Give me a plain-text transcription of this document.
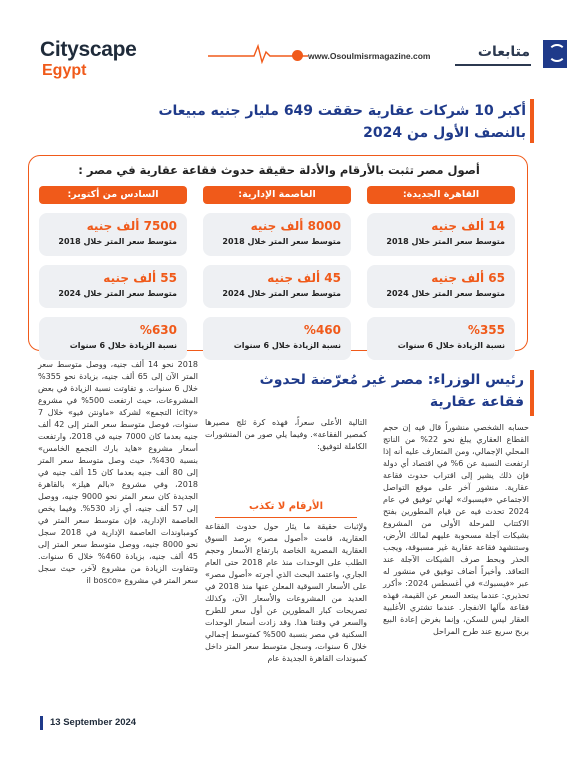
Cityscape
Egypt
www.Osoulmisrmagazine.com	متابعات
أكبر 10 شركات عقارية حققت 649 مليار جنيه مبيعات بالنصف الأول من 2024
أصول مصر تثبت بالأرقام والأدلة حقيقة حدوث فقاعة عقارية في مصر :
القاهرة الجديدة:
14 ألف جنيه
متوسط سعر المتر خلال 2018
65 ألف جنيه
متوسط سعر المتر خلال 2024
%355
نسبة الزيادة خلال 6 سنوات
العاصمة الإدارية:
8000 ألف جنيه
متوسط سعر المتر خلال 2018
45 ألف جنيه
متوسط سعر المتر خلال 2024
%460
نسبة الزيادة خلال 6 سنوات
السادس من أكتوبر:
7500 ألف جنيه
متوسط سعر المتر خلال 2018
55 ألف جنيه
متوسط سعر المتر خلال 2024
%630
نسبة الزيادة خلال 6 سنوات
رئيس الوزراء: مصر غير مُعرّضة لحدوث فقاعة عقارية

حسابه الشخصي منشوراً قال فيه إن حجم القطاع العقاري يبلغ نحو 22% من الناتج المحلي الإجمالي، ومن المتعارف عليه أنه إذا ارتفعت النسبة عن 6% في اقتصاد أي دولة فإن ذلك يشير إلى اقتراب حدوث فقاعة عقارية. منشور آخر على موقع التواصل الاجتماعي «فيسبوك» لهاني توفيق في عام 2024 تحدث فيه عن قيام المطورين بفتح الاكتتاب للمرحلة الأولى من المشروع بشيكات آجلة مسحوبة عليهم لمالك الأرض، وستنشهد فقاعة عقارية غير مسبوقة، ويجب الحذر وبحط صرف الشيكات الآجلة عند التعاقد. وأخيراً أضاف توفيق في منشور له عبر «فيسبوك» في أغسطس 2024: «أكرر تحذيري: عندما يبتعد السعر عن القيمة، فهذه فقاعة مآلها الانفجار. عندما تشتري الأغلبية العقار ليس للسكن، وإنما بغرض إعادة البيع بربح سريع عند طرح المراحل

التالية الأعلى سعراً، فهذه كرة ثلج مصيرها كمصير الفقاعة». وفيما يلي صور من المنشورات الكاملة لتوفيق:

الأرقام لا تكذب

ولإثبات حقيقة ما يثار حول حدوث الفقاعة العقارية، قامت «أصول مصر» برصد السوق العقارية المصرية الخاصة بارتفاع الأسعار وحجم الطلب على الوحدات منذ عام 2018 حتى العام الجاري، واعتمد البحث الذي أجرته «أصول مصر» على الأسعار السوقية المعلن عنها منذ 2018 في العديد من المشروعات والأسعار الآن، وكذلك تصريحات كبار المطورين عن أول سعر للطرح والسعر في وقتنا هذا. وقد زادت أسعار الوحدات السكنية في مصر بنسبة 500% كمتوسط إجمالي خلال 6 سنوات، وسجل متوسط سعر المتر داخل كمبوندات القاهرة الجديدة عام

2018 نحو 14 ألف جنيه، ووصل متوسط سعر المتر الآن إلى 65 ألف جنيه، بزيادة نحو 355% خلال 6 سنوات. و تفاوتت نسبة الزيادة في بعض المشروعات، حيث ارتفعت 500% في مشروع «icity التجمع» لشركة «ماونتن فيو» خلال 7 سنوات، فوصل متوسط سعر المتر إلى 42 ألف جنيه بعدما كان 7000 جنيه في 2018، وارتفعت أسعار مشروع «هايد بارك التجمع الخامس» بنسبة 430%، حيث وصل متوسط سعر المتر إلى 80 ألف جنيه بعدما كان 15 ألف جنيه في 2018، وفي مشروع «بالم هيلز» بالقاهرة الجديدة كان سعر المتر نحو 9000 جنيه، ووصل إلى 57 ألف جنيه، أي زاد 530%. وفيما يخص العاصمة الإدارية، فإن متوسط سعر المتر في كومباوندات العاصمة الإدارية في 2018 سجل نحو 8000 جنيه، ووصل متوسط سعر المتر إلى 45 ألف جنيه، بزيادة 460% خلال 6 سنوات. وتتفاوت الزيادة من مشروع لآخر، حيث سجل سعر المتر في مشروع «il bosco

13 September 2024
